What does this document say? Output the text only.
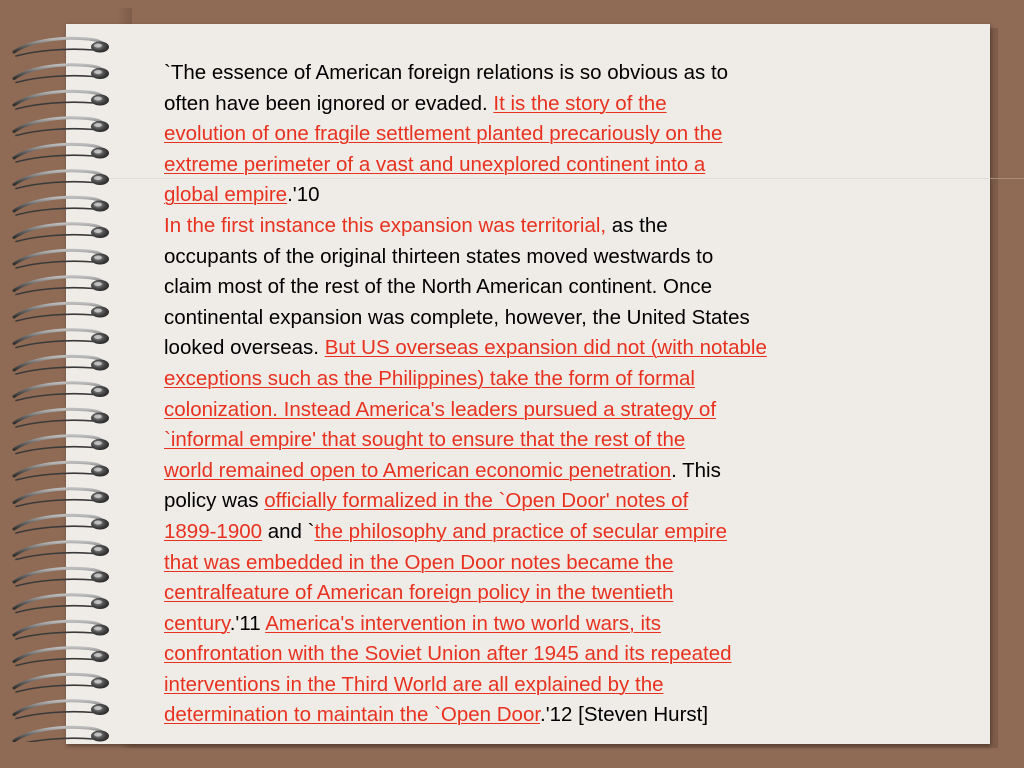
`The essence of American foreign relations is so obvious as to
often have been ignored or evaded. It is the story of the
evolution of one fragile settlement planted precariously on the
extreme perimeter of a vast and unexplored continent into a
global empire.'10
In the first instance this expansion was territorial, as the
occupants of the original thirteen states moved westwards to
claim most of the rest of the North American continent. Once
continental expansion was complete, however, the United States
looked overseas. But US overseas expansion did not (with notable
exceptions such as the Philippines) take the form of formal
colonization. Instead America's leaders pursued a strategy of
`informal empire' that sought to ensure that the rest of the
world remained open to American economic penetration. This
policy was officially formalized in the `Open Door' notes of
1899-1900 and `the philosophy and practice of secular empire
that was embedded in the Open Door notes became the
centralfeature of American foreign policy in the twentieth
century.'11 America's intervention in two world wars, its
confrontation with the Soviet Union after 1945 and its repeated
interventions in the Third World are all explained by the
determination to maintain the `Open Door.'12 [Steven Hurst]
